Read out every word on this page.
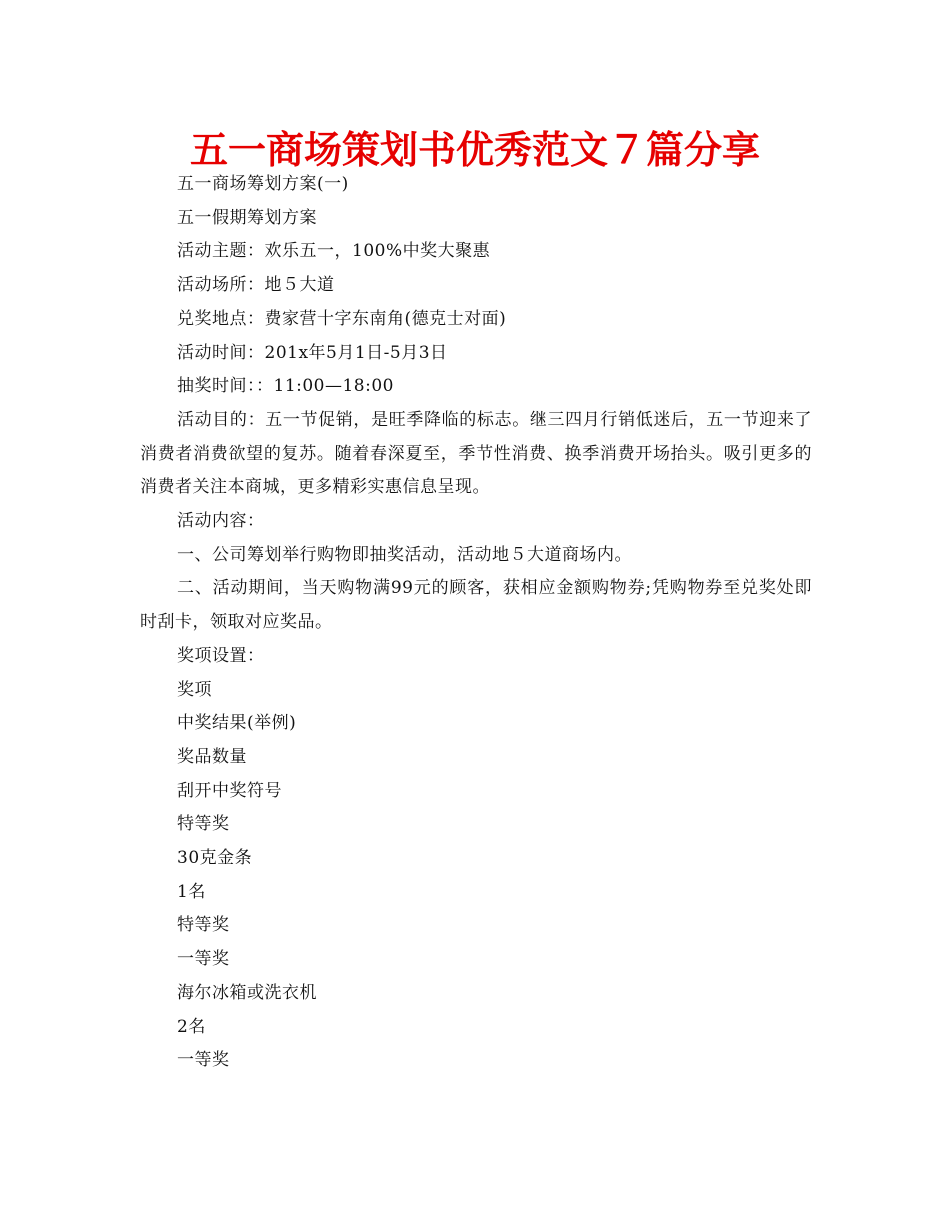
五一商场策划书优秀范文７篇分享

五一商场筹划方案(一)

五一假期筹划方案

活动主题：欢乐五一，100%中奖大聚惠

活动场所：地５大道

兑奖地点：费家营十字东南角(德克士对面)

活动时间：201x年5月1日-5月3日

抽奖时间：：11:00—18:00

活动目的：五一节促销，是旺季降临的标志。继三四月行销低迷后，五一节迎来了消费者消费欲望的复苏。随着春深夏至，季节性消费、换季消费开场抬头。吸引更多的消费者关注本商城，更多精彩实惠信息呈现。

活动内容：

一、公司筹划举行购物即抽奖活动，活动地５大道商场内。

二、活动期间，当天购物满99元的顾客，获相应金额购物券;凭购物券至兑奖处即时刮卡，领取对应奖品。

奖项设置：

奖项

中奖结果(举例)

奖品数量

刮开中奖符号

特等奖

30克金条

1名

特等奖

一等奖

海尔冰箱或洗衣机

2名

一等奖
